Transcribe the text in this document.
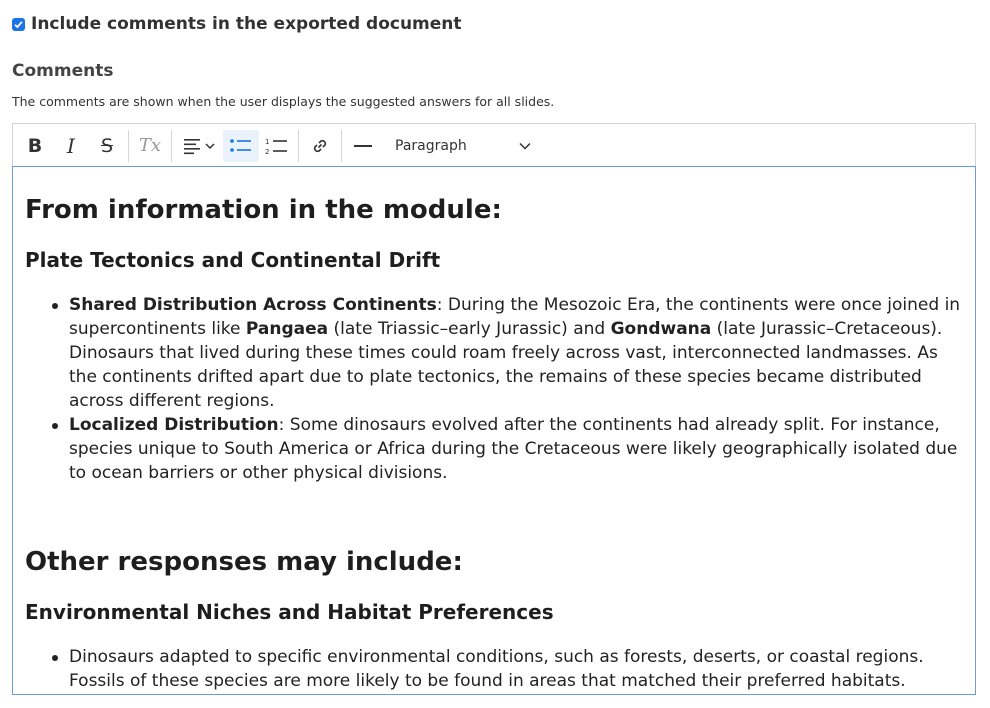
Include comments in the exported document
Comments
The comments are shown when the user displays the suggested answers for all slides.
B I S Tx	1
2	Paragraph
From information in the module:
Plate Tectonics and Continental Drift
Shared Distribution Across Continents: During the Mesozoic Era, the continents were once joined in supercontinents like Pangaea (late Triassic–early Jurassic) and Gondwana (late Jurassic–Cretaceous). Dinosaurs that lived during these times could roam freely across vast, interconnected landmasses. As the continents drifted apart due to plate tectonics, the remains of these species became distributed across different regions.
Localized Distribution: Some dinosaurs evolved after the continents had already split. For instance, species unique to South America or Africa during the Cretaceous were likely geographically isolated due to ocean barriers or other physical divisions.
Other responses may include:
Environmental Niches and Habitat Preferences
Dinosaurs adapted to specific environmental conditions, such as forests, deserts, or coastal regions. Fossils of these species are more likely to be found in areas that matched their preferred habitats.
